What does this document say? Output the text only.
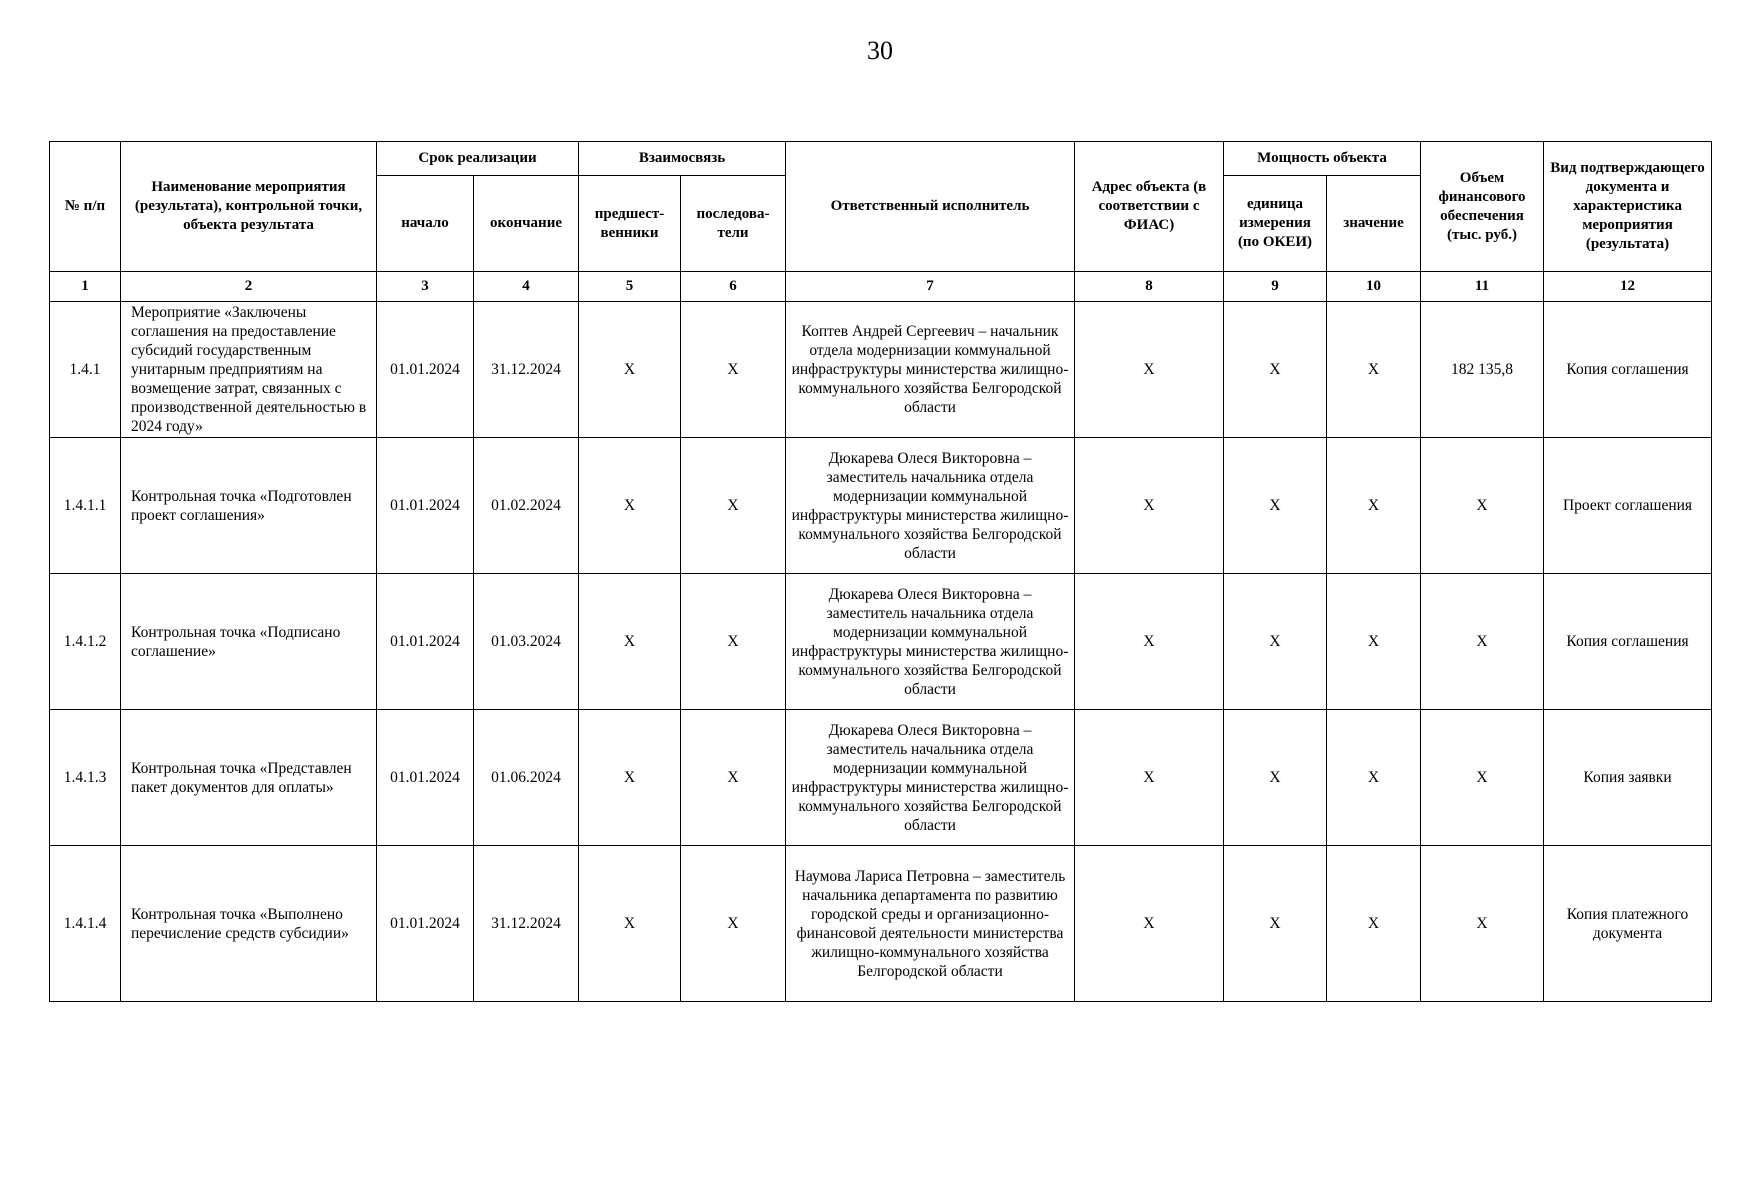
30
№ п/п	Наименование мероприятия (результата), контрольной точки, объекта результата	Срок реализации		Взаимосвязь		Ответственный исполнитель	Адрес объекта (в соответствии с ФИАС)	Мощность объекта		Объем финансового обеспечения (тыс. руб.)	Вид подтверждающего документа и характеристика мероприятия (результата)
		начало	окончание	предшест-венники	последова-тели			единица измерения (по ОКЕИ)	значение		
1	2	3	4	5	6	7	8	9	10	11	12
1.4.1	Мероприятие «Заключены соглашения на предоставление субсидий государственным унитарным предприятиям на возмещение затрат, связанных с производственной деятельностью в 2024 году»	01.01.2024	31.12.2024	X	X	Коптев Андрей Сергеевич – начальник отдела модернизации коммунальной инфраструктуры министерства жилищно-коммунального хозяйства Белгородской области	X	X	X	182 135,8	Копия соглашения
1.4.1.1	Контрольная точка «Подготовлен проект соглашения»	01.01.2024	01.02.2024	X	X	Дюкарева Олеся Викторовна – заместитель начальника отдела модернизации коммунальной инфраструктуры министерства жилищно-коммунального хозяйства Белгородской области	X	X	X	X	Проект соглашения
1.4.1.2	Контрольная точка «Подписано соглашение»	01.01.2024	01.03.2024	X	X	Дюкарева Олеся Викторовна – заместитель начальника отдела модернизации коммунальной инфраструктуры министерства жилищно-коммунального хозяйства Белгородской области	X	X	X	X	Копия соглашения
1.4.1.3	Контрольная точка «Представлен пакет документов для оплаты»	01.01.2024	01.06.2024	X	X	Дюкарева Олеся Викторовна – заместитель начальника отдела модернизации коммунальной инфраструктуры министерства жилищно-коммунального хозяйства Белгородской области	X	X	X	X	Копия заявки
1.4.1.4	Контрольная точка «Выполнено перечисление средств субсидии»	01.01.2024	31.12.2024	X	X	Наумова Лариса Петровна – заместитель начальника департамента по развитию городской среды и организационно-финансовой деятельности министерства жилищно-коммунального хозяйства Белгородской области	X	X	X	X	Копия платежного документа
